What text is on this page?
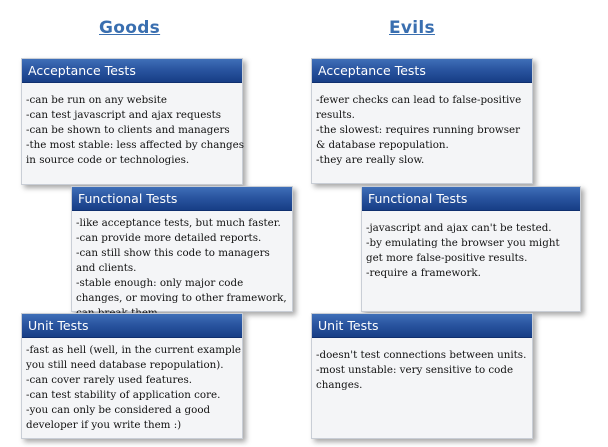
Goods	Evils
Acceptance Tests
-can be run on any website
-can test javascript and ajax requests
-can be shown to clients and managers
-the most stable: less affected by changes
in source code or technologies.
Functional Tests
-like acceptance tests, but much faster.
-can provide more detailed reports.
-can still show this code to managers
and clients.
-stable enough: only major code
changes, or moving to other framework,
Unit Tests
-fast as hell (well, in the current example
you still need database repopulation).
-can cover rarely used features.
-can test stability of application core.
-you can only be considered a good
developer if you write them :)
Acceptance Tests
-fewer checks can lead to false-positive
results.
-the slowest: requires running browser
& database repopulation.
-they are really slow.
Functional Tests
-javascript and ajax can't be tested.
-by emulating the browser you might
get more false-positive results.
-require a framework.
Unit Tests
-doesn't test connections between units.
-most unstable: very sensitive to code
changes.
